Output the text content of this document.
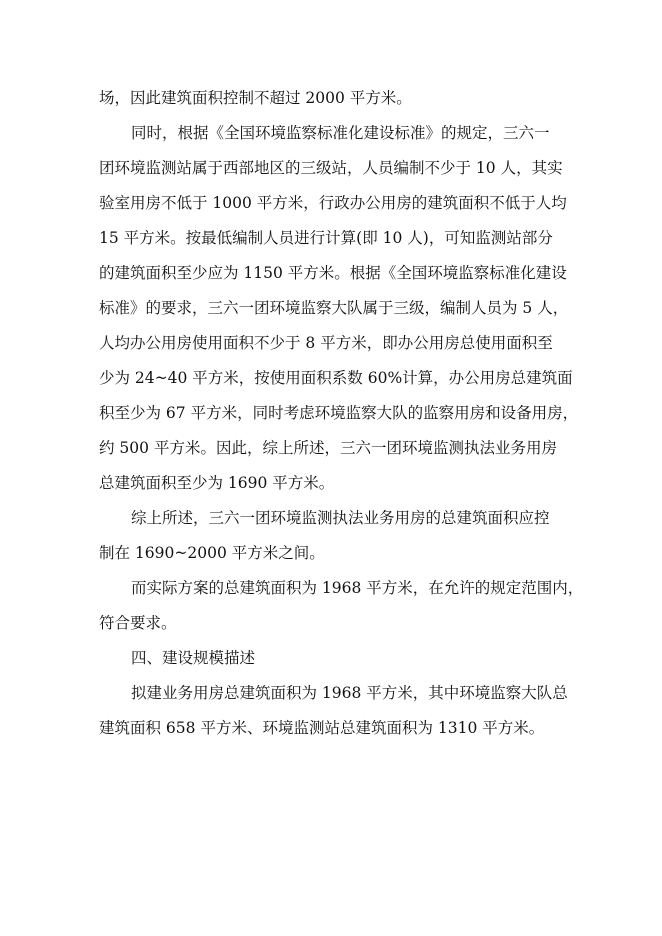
场，因此建筑面积控制不超过 2000 平方米。
同时，根据《全国环境监察标准化建设标准》的规定，三六一
团环境监测站属于西部地区的三级站，人员编制不少于 10 人，其实
验室用房不低于 1000 平方米，行政办公用房的建筑面积不低于人均
15 平方米。按最低编制人员进行计算(即 10 人)，可知监测站部分
的建筑面积至少应为 1150 平方米。根据《全国环境监察标准化建设
标准》的要求，三六一团环境监察大队属于三级，编制人员为 5 人，
人均办公用房使用面积不少于 8 平方米，即办公用房总使用面积至
少为 24~40 平方米，按使用面积系数 60%计算，办公用房总建筑面
积至少为 67 平方米，同时考虑环境监察大队的监察用房和设备用房，
约 500 平方米。因此，综上所述，三六一团环境监测执法业务用房
总建筑面积至少为 1690 平方米。
综上所述，三六一团环境监测执法业务用房的总建筑面积应控
制在 1690~2000 平方米之间。
而实际方案的总建筑面积为 1968 平方米，在允许的规定范围内，
符合要求。
四、建设规模描述
拟建业务用房总建筑面积为 1968 平方米，其中环境监察大队总
建筑面积 658 平方米、环境监测站总建筑面积为 1310 平方米。
